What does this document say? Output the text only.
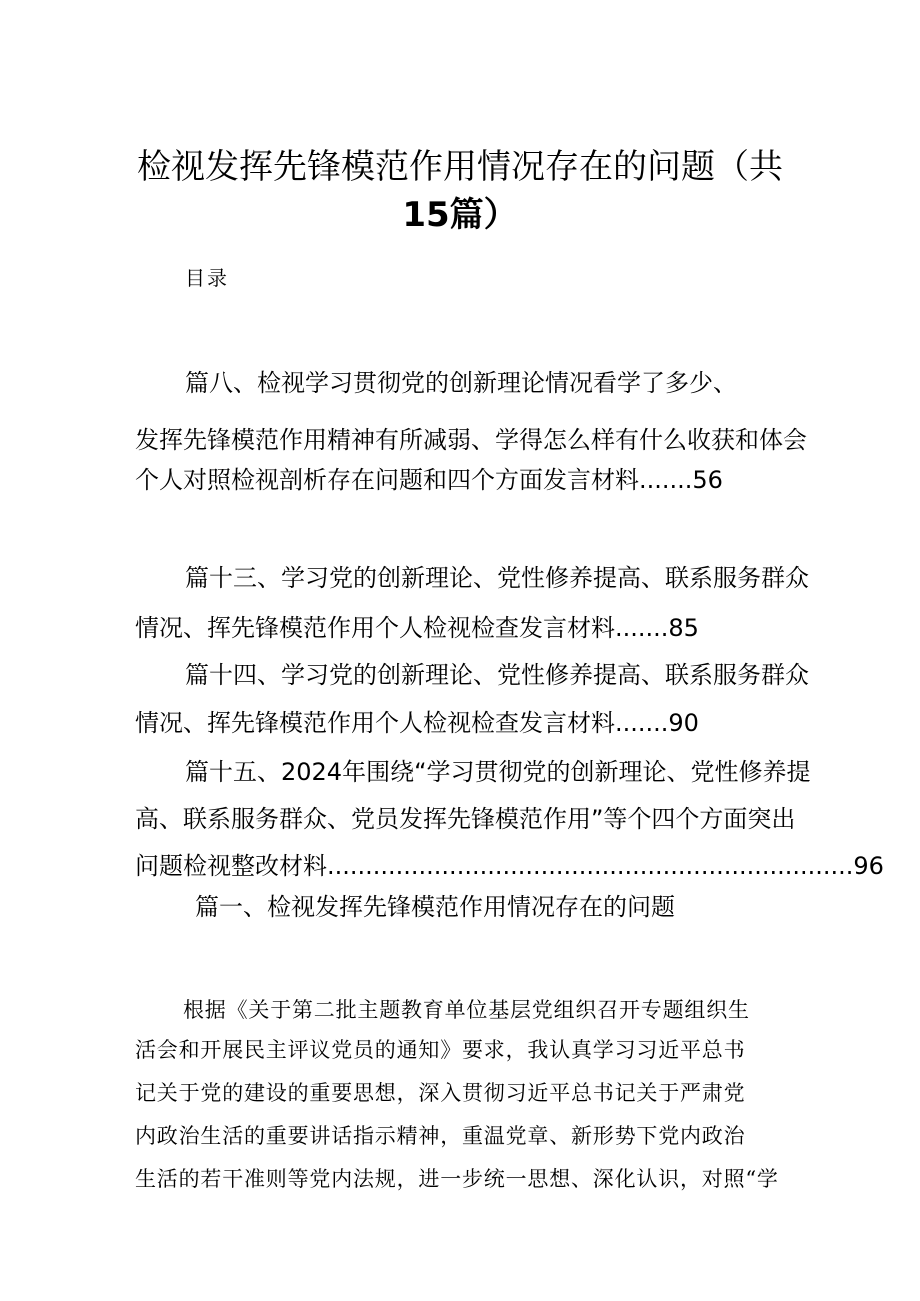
检视发挥先锋模范作用情况存在的问题（共
15篇）
目录
篇八、检视学习贯彻党的创新理论情况看学了多少、
发挥先锋模范作用精神有所减弱、学得怎么样有什么收获和体会
个人对照检视剖析存在问题和四个方面发言材料.......56
篇十三、学习党的创新理论、党性修养提高、联系服务群众
情况、挥先锋模范作用个人检视检查发言材料.......85
篇十四、学习党的创新理论、党性修养提高、联系服务群众
情况、挥先锋模范作用个人检视检查发言材料.......90
篇十五、2024年围绕“学习贯彻党的创新理论、党性修养提
高、联系服务群众、党员发挥先锋模范作用”等个四个方面突出
问题检视整改材料.....................................................................96
篇一、检视发挥先锋模范作用情况存在的问题
根据《关于第二批主题教育单位基层党组织召开专题组织生
活会和开展民主评议党员的通知》要求，我认真学习习近平总书
记关于党的建设的重要思想，深入贯彻习近平总书记关于严肃党
内政治生活的重要讲话指示精神，重温党章、新形势下党内政治
生活的若干准则等党内法规，进一步统一思想、深化认识，对照“学
